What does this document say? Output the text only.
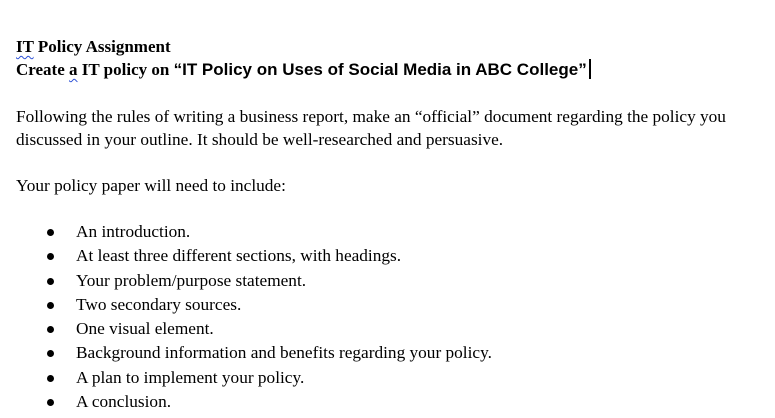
IT Policy Assignment

Create a IT policy on “IT Policy on Uses of Social Media in ABC College”

Following the rules of writing a business report, make an “official” document regarding the policy you discussed in your outline. It should be well-researched and persuasive.

Your policy paper will need to include:

An introduction.
At least three different sections, with headings.
Your problem/purpose statement.
Two secondary sources.
One visual element.
Background information and benefits regarding your policy.
A plan to implement your policy.
A conclusion.
